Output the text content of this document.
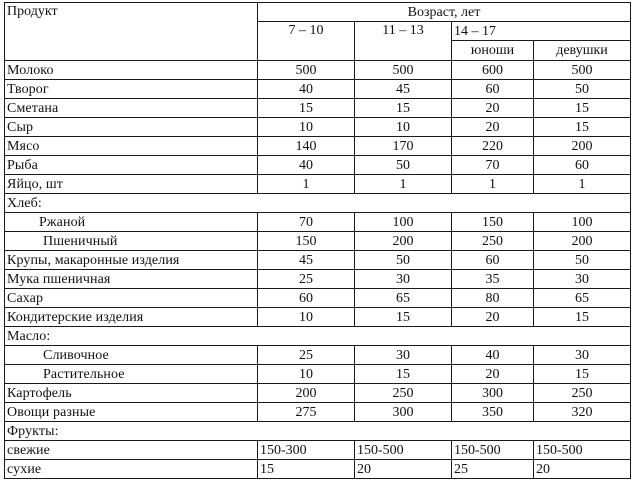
Продукт	Возраст, лет			
	7 – 10	11 – 13	14 – 17	
			юноши	девушки
Молоко	500	500	600	500
Творог	40	45	60	50
Сметана	15	15	20	15
Сыр	10	10	20	15
Мясо	140	170	220	200
Рыба	40	50	70	60
Яйцо, шт	1	1	1	1
Хлеб:				
Ржаной	70	100	150	100
Пшеничный	150	200	250	200
Крупы, макаронные изделия	45	50	60	50
Мука пшеничная	25	30	35	30
Сахар	60	65	80	65
Кондитерские изделия	10	15	20	15
Масло:				
Сливочное	25	30	40	30
Растительное	10	15	20	15
Картофель	200	250	300	250
Овощи разные	275	300	350	320
Фрукты:				
свежие	150-300	150-500	150-500	150-500
сухие	15	20	25	20
